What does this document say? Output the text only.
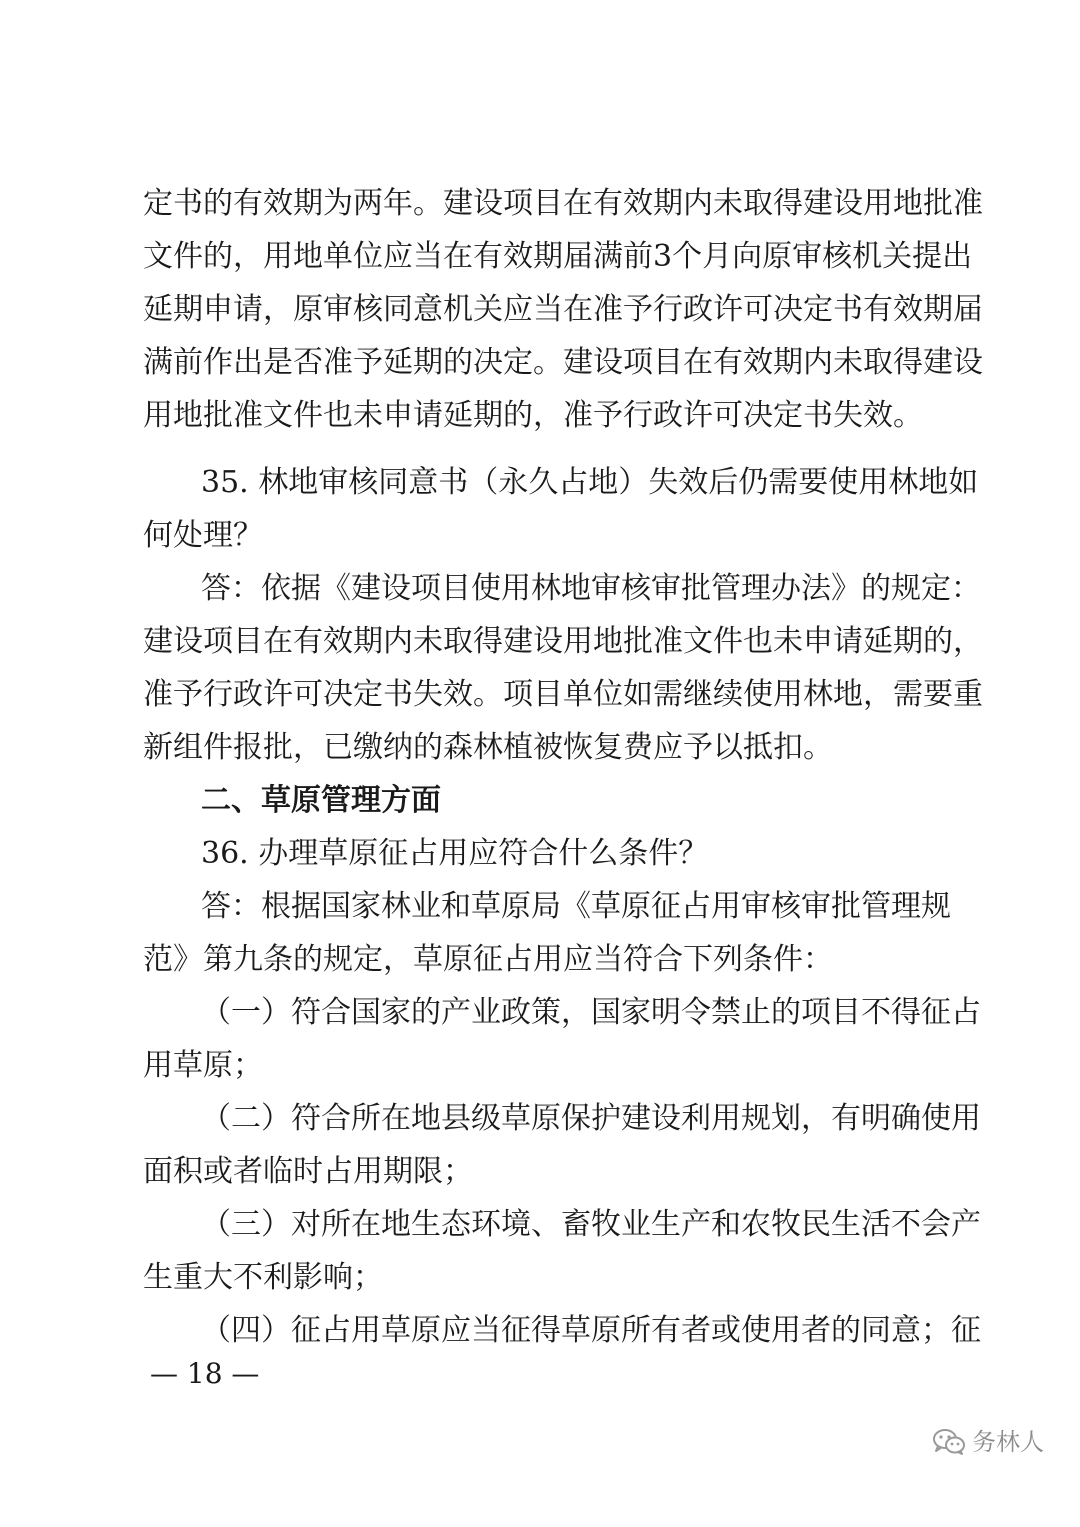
定书的有效期为两年。建设项目在有效期内未取得建设用地批准
文件的，用地单位应当在有效期届满前3个月向原审核机关提出
延期申请，原审核同意机关应当在准予行政许可决定书有效期届
满前作出是否准予延期的决定。建设项目在有效期内未取得建设
用地批准文件也未申请延期的，准予行政许可决定书失效。
35. 林地审核同意书（永久占地）失效后仍需要使用林地如
何处理？
答：依据《建设项目使用林地审核审批管理办法》的规定：
建设项目在有效期内未取得建设用地批准文件也未申请延期的，
准予行政许可决定书失效。项目单位如需继续使用林地，需要重
新组件报批，已缴纳的森林植被恢复费应予以抵扣。
二、草原管理方面
36. 办理草原征占用应符合什么条件？
答：根据国家林业和草原局《草原征占用审核审批管理规
范》第九条的规定，草原征占用应当符合下列条件：
（一）符合国家的产业政策，国家明令禁止的项目不得征占
用草原；
（二）符合所在地县级草原保护建设利用规划，有明确使用
面积或者临时占用期限；
（三）对所在地生态环境、畜牧业生产和农牧民生活不会产
生重大不利影响；
（四）征占用草原应当征得草原所有者或使用者的同意；征
— 18 —
务林人
